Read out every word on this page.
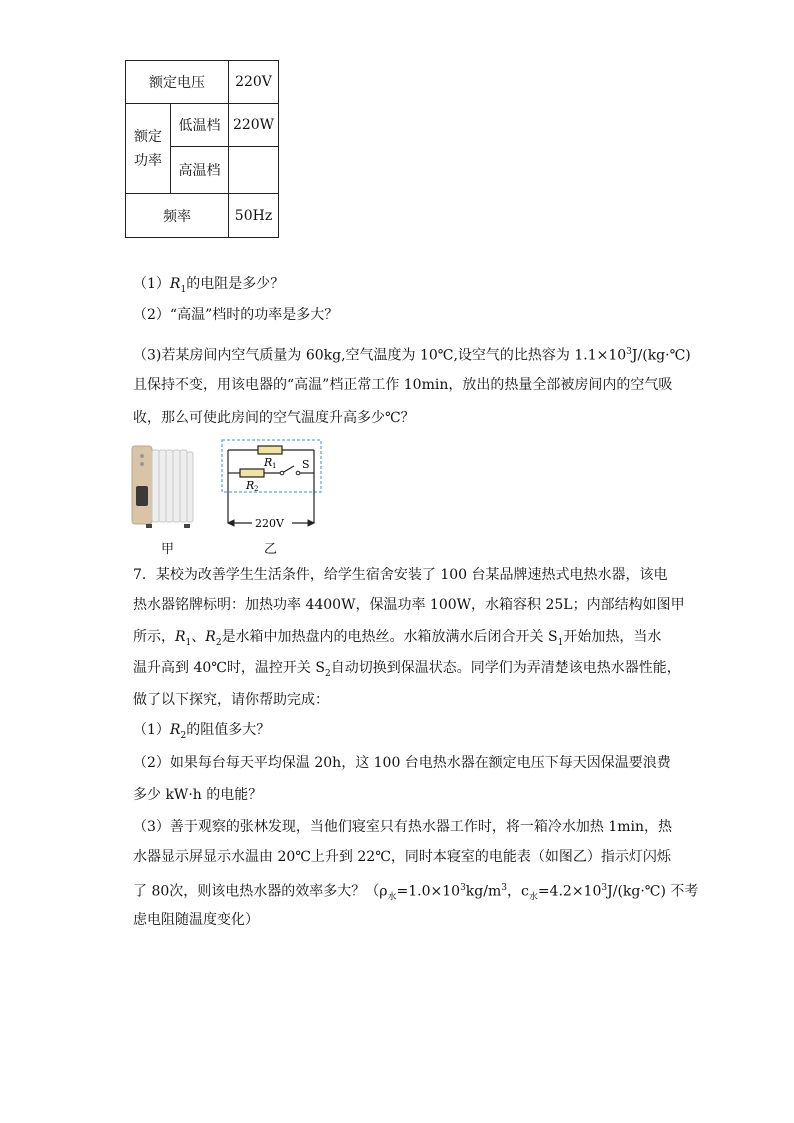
额定电压		220V
额定
功率	低温档	220W
	高温档	
频率		50Hz
$(1)R_1$的电阻是多少？
（2）“高温”档时的功率是多大？
（3)若某房间内空气质量为 60kg,空气温度为 10℃,设空气的比热容为 $1.1\times 10^3J/(kg\cdot℃)$
且保持不变，用该电器的“高温”档正常工作 10min，放出的热量全部被房间内的空气吸
收，那么可使此房间的空气温度升高多少℃？
甲
R 1
R 2
S
220V
乙
7．某校为改善学生生活条件，给学生宿舍安装了 100 台某品牌速热式电热水器，该电
热水器铭牌标明：加热功率 4400W，保温功率 100W，水箱容积 25L；内部结构如图甲
所示，$R_1$、$R_2$是水箱中加热盘内的电热丝。水箱放满水后闭合开关 $S_1$开始加热，当水
温升高到 40℃时，温控开关 $S_2$自动切换到保温状态。同学们为弄清楚该电热水器性能，
做了以下探究，请你帮助完成：
$(1)R_2$的阻值多大？
（2）如果每台每天平均保温 20h，这 100 台电热水器在额定电压下每天因保温要浪费
多少 kW·h 的电能？
（3）善于观察的张林发现，当他们寝室只有热水器工作时，将一箱冷水加热 1min，热
水器显示屏显示水温由 20℃上升到 22℃，同时本寝室的电能表（如图乙）指示灯闪烁
了 80次，则该电热水器的效率多大？（$\rho_水=1.0\times 10^3kg/m^3$，$c_水=4.2\times 10^3J/(kg\cdot℃)$ 不考
虑电阻随温度变化）
